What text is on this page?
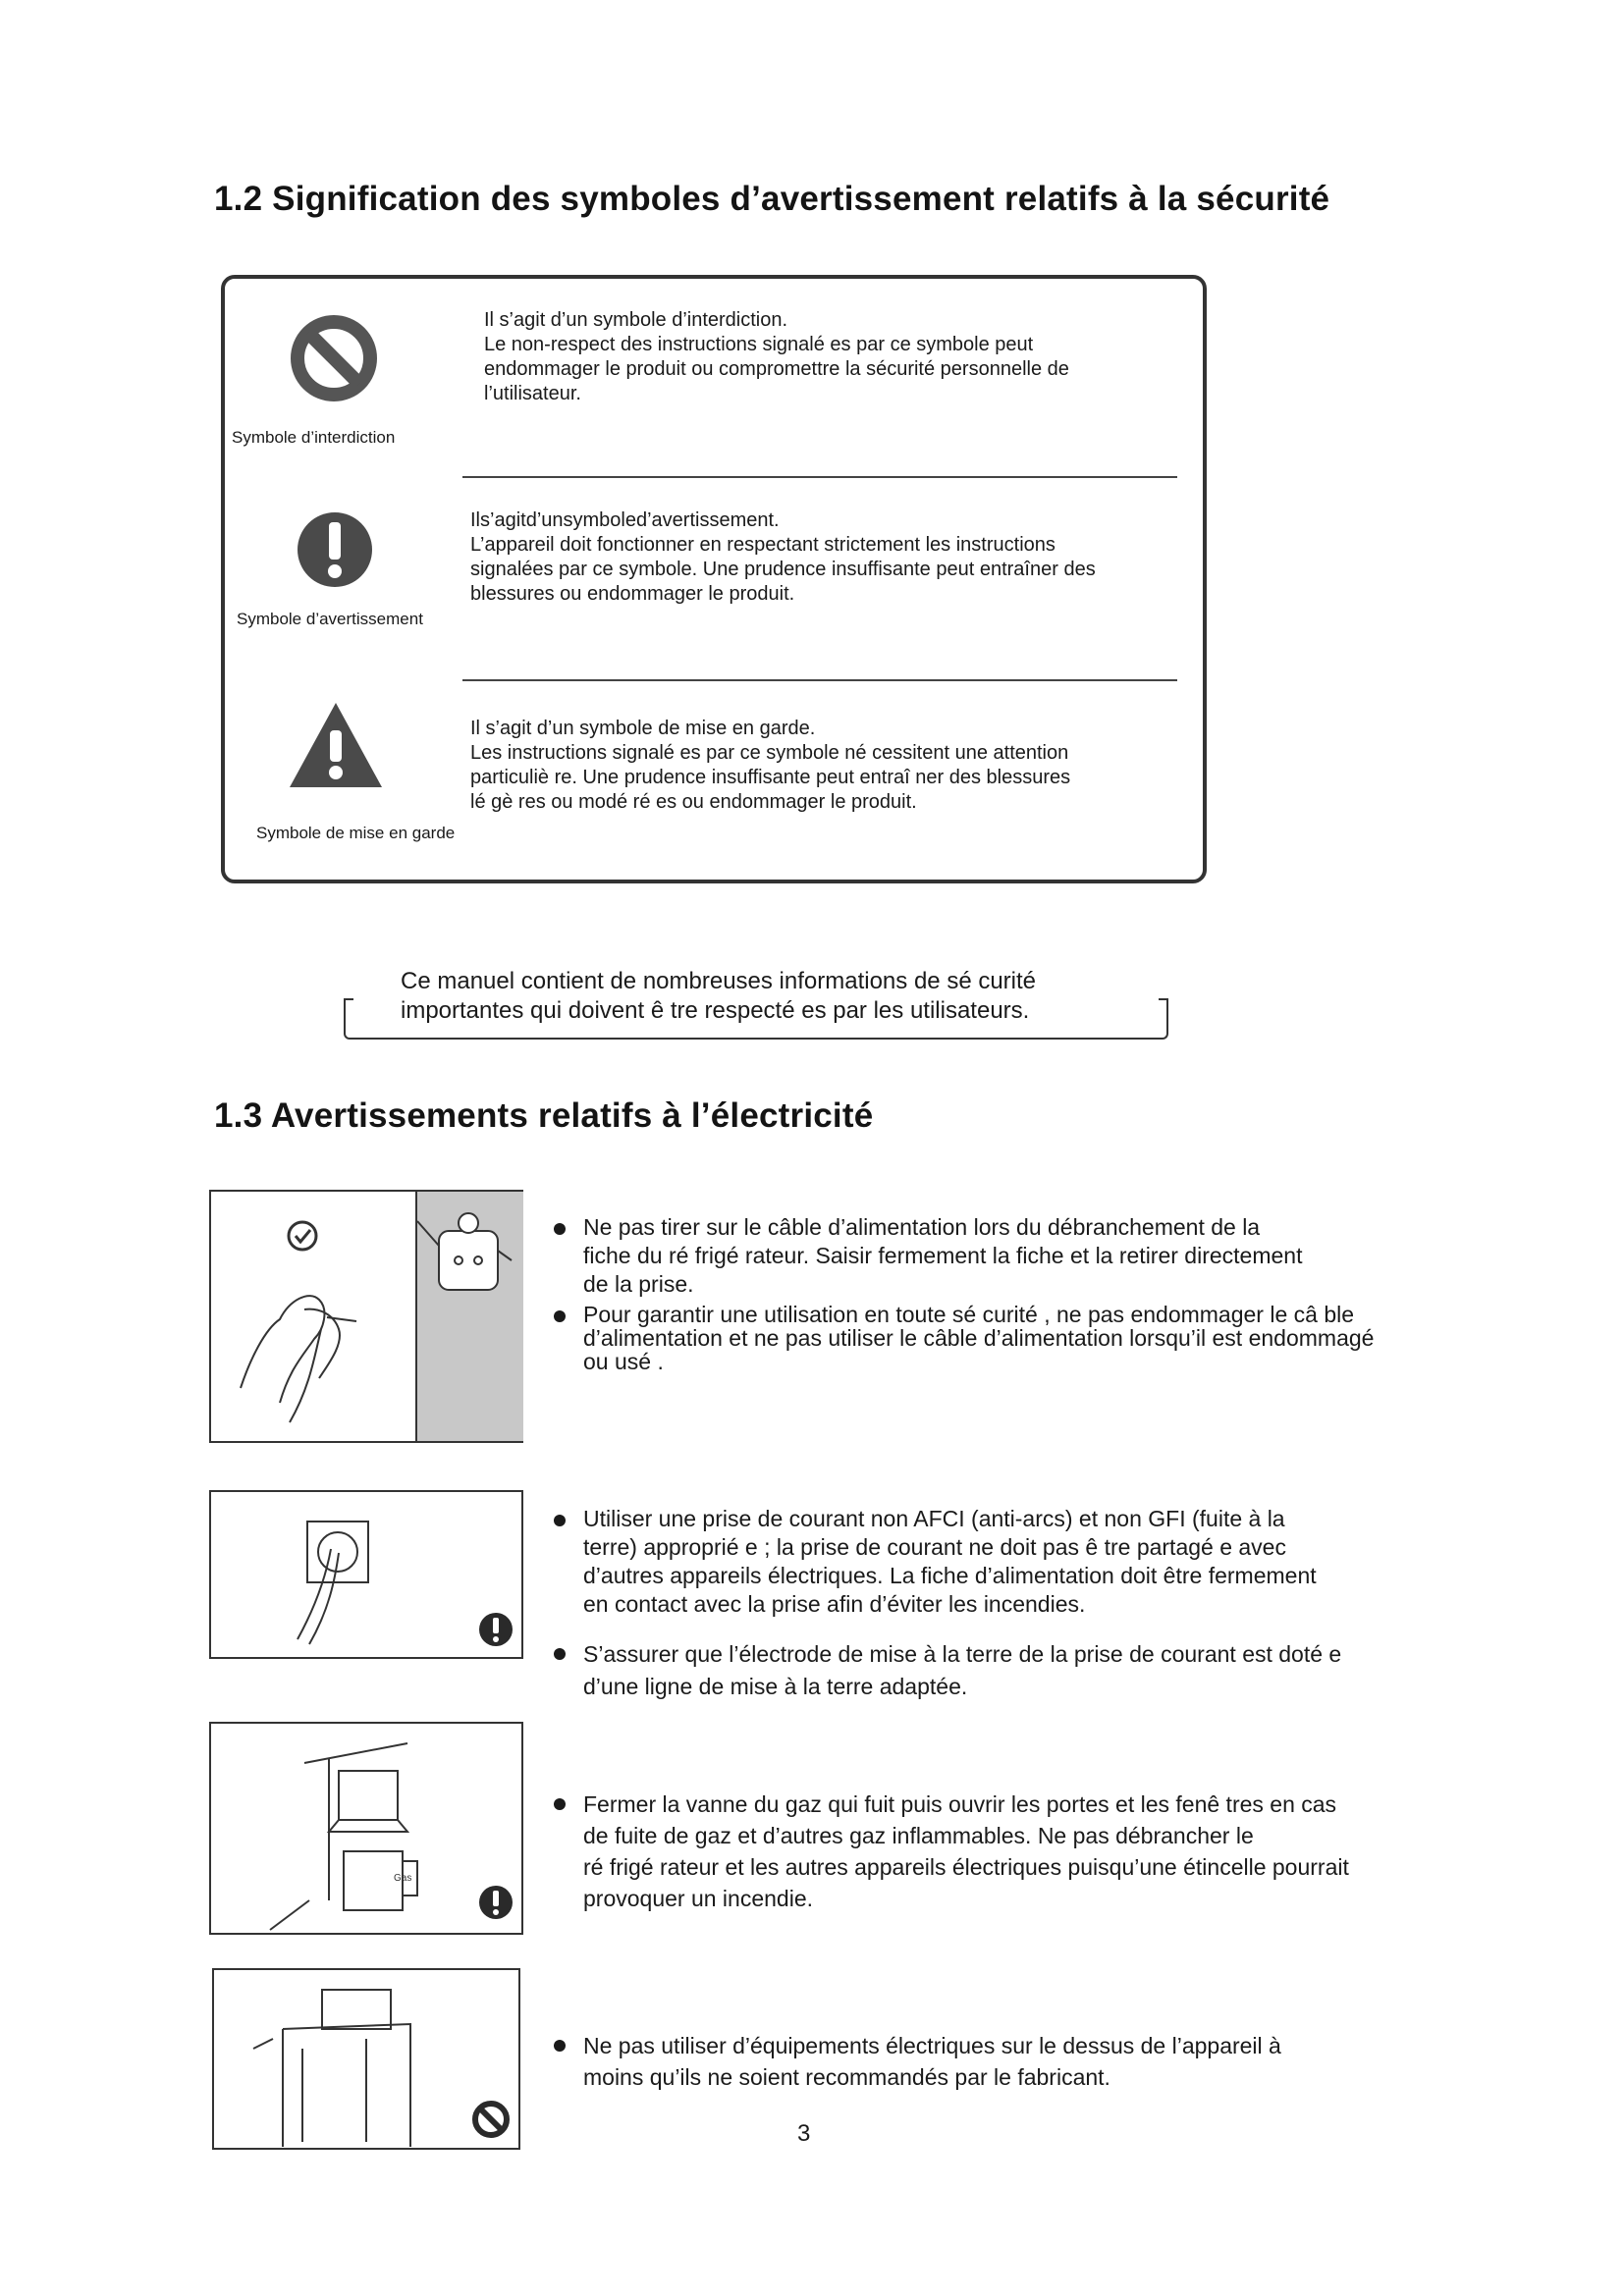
1.2 Signification des symboles d’avertissement relatifs à la sécurité
Symbole d’interdiction
Il s’agit d’un symbole d’interdiction.
Le non-respect des instructions signalé es par ce symbole peut
endommager le produit ou compromettre la sécurité personnelle de
l’utilisateur.
Symbole d’avertissement
Ils’agitd’unsymboled’avertissement.
L’appareil doit fonctionner en respectant strictement les instructions
signalées par ce symbole. Une prudence insuffisante peut entraîner des
blessures ou endommager le produit.
Symbole de mise en garde
Il s’agit d’un symbole de mise en garde.
Les instructions signalé es par ce symbole né cessitent une attention
particuliè re. Une prudence insuffisante peut entraî ner des blessures
lé gè res ou modé ré es ou endommager le produit.
Ce manuel contient de nombreuses informations de sé curité
importantes qui doivent ê tre respecté es par les utilisateurs.
1.3 Avertissements relatifs à l’électricité
Gas
Ne pas tirer sur le câble d’alimentation lors du débranchement de la
fiche du ré frigé rateur. Saisir fermement la fiche et la retirer directement
de la prise.
Pour garantir une utilisation en toute sé curité , ne pas endommager le câ ble
d’alimentation et ne pas utiliser le câble d’alimentation lorsqu’il est endommagé
ou usé .
Utiliser une prise de courant non AFCI (anti-arcs) et non GFI (fuite à la
terre) approprié e ; la prise de courant ne doit pas ê tre partagé e avec
d’autres appareils électriques. La fiche d’alimentation doit être fermement
en contact avec la prise afin d’éviter les incendies.
S’assurer que l’électrode de mise à la terre de la prise de courant est doté e
d’une ligne de mise à la terre adaptée.
Fermer la vanne du gaz qui fuit puis ouvrir les portes et les fenê tres en cas
de fuite de gaz et d’autres gaz inflammables. Ne pas débrancher le
ré frigé rateur et les autres appareils électriques puisqu’une étincelle pourrait
provoquer un incendie.
Ne pas utiliser d’équipements électriques sur le dessus de l’appareil à
moins qu’ils ne soient recommandés par le fabricant.
3
